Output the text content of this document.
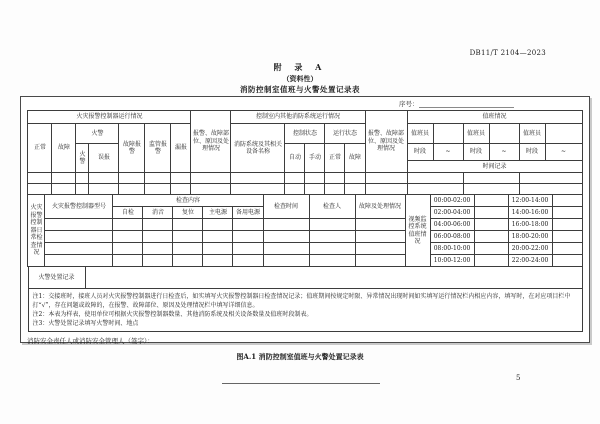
DB11/T 2104—2023
附 录 A
（资料性）
消防控制室值班与火警处置记录表
序号：
火灾报警控制器运行情况							报警、故障部位、原因及处理情况	控制室内其他消防系统运行情况					报警、故障部位、原因及处理情况	值班情况					
正常	故障	火警		故障报警	监管报警	漏报		消防系统及其相关设备名称	控制状态		运行状态			值班员		值班员		值班员	
		火警	误报						自动	手动	正常	故障		时段	~	时段	~	时段	~
														时间记录					

火灾报警控制器日常检查情况	火灾报警控制器型号	检查内容					检查时间	检查人	故障及处理情况	视频监控系统值班情况	00:00-02:00		12:00-14:00	
		自检	消音	复位	主电源	备用电源					02:00-04:00		14:00-16:00	
											04:00-06:00		16:00-18:00	
											06:00-08:00		18:00-20:00	
											08:00-10:00		20:00-22:00	
											10:00-12:00		22:00-24:00	
火警处置记录	
注1：交接班时，接班人员对火灾报警控制器进行日检查后，如实填写火灾报警控制器日检查情况记录；值班期间按规定时限、异常情况出现时间如实填写运行情况栏内相应内容，填写时，在对应项目栏中打“√”，存在问题或故障的，在报警、故障部位、原因及处理情况栏中填写详细信息。
注2：本表为样表，使用单位可根据火灾报警控制器数量、其他消防系统及相关设备数量及值班时段制表。
注3：火警处置记录填写火警时间、地点
消防安全责任人或消防安全管理人（签字）：
图A.1 消防控制室值班与火警处置记录表
5
